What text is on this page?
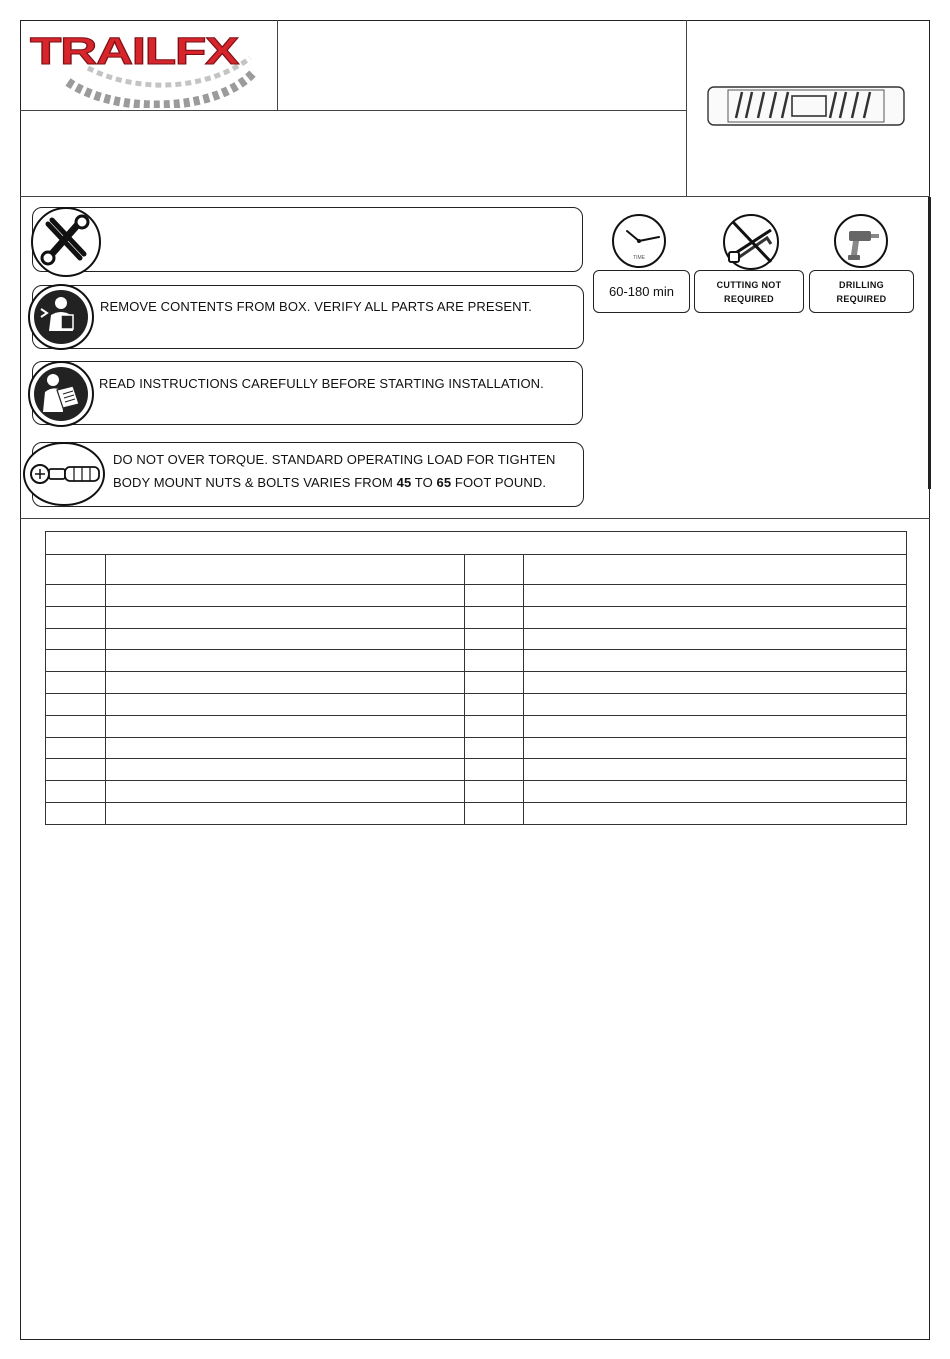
TRAILFX
REMOVE CONTENTS FROM BOX. VERIFY ALL PARTS ARE PRESENT.
READ INSTRUCTIONS CAREFULLY BEFORE STARTING INSTALLATION.
DO NOT OVER TORQUE. STANDARD OPERATING LOAD FOR TIGHTEN
BODY MOUNT NUTS & BOLTS VARIES FROM 45 TO 65 FOOT POUND.
TIME
60-180 min	CUTTING NOT
REQUIRED
DRILLING
REQUIRED
